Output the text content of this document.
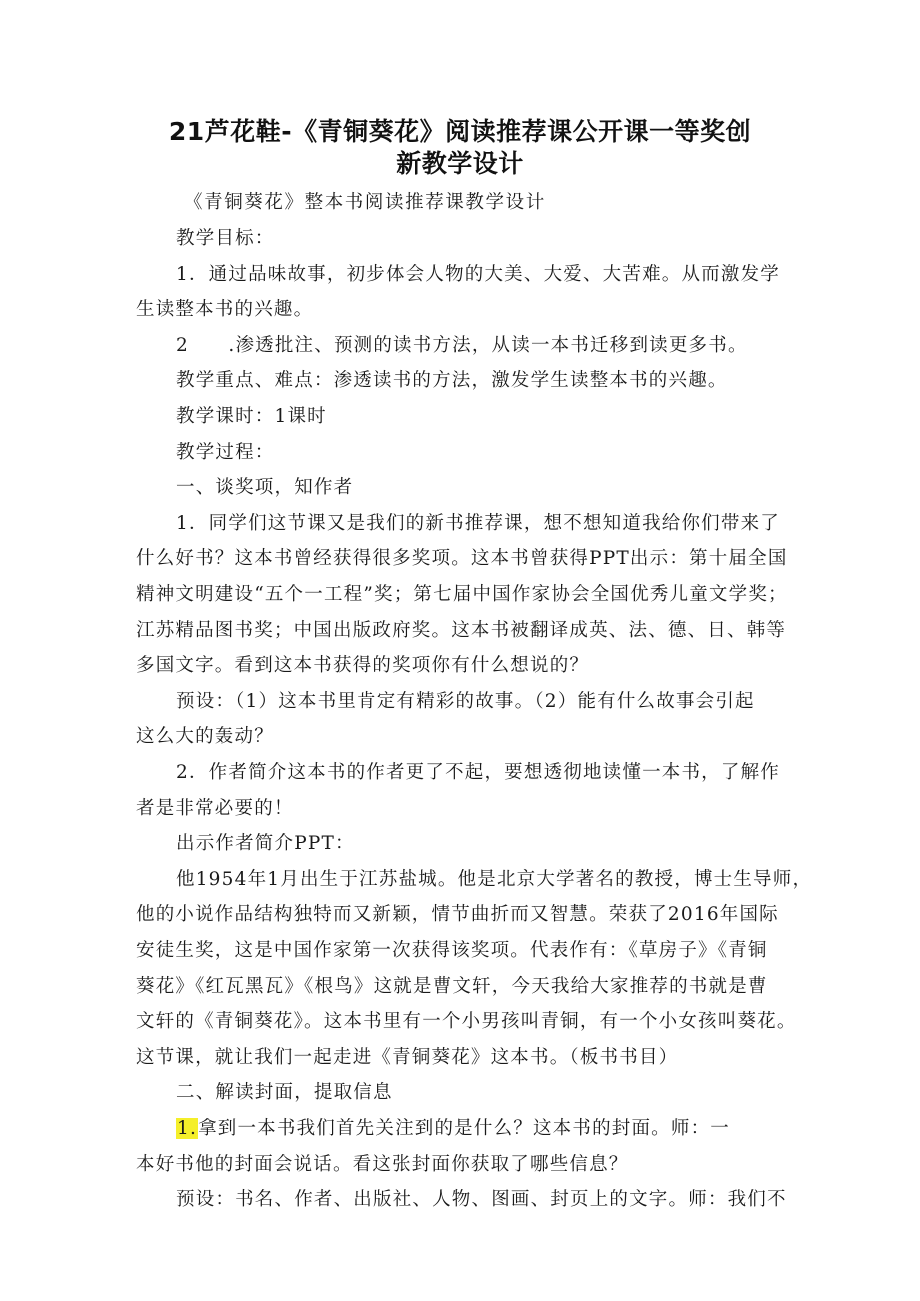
21芦花鞋-《青铜葵花》阅读推荐课公开课一等奖创
新教学设计
《青铜葵花》整本书阅读推荐课教学设计
教学目标：
1．通过品味故事，初步体会人物的大美、大爱、大苦难。从而激发学
生读整本书的兴趣。
2　　.渗透批注、预测的读书方法，从读一本书迁移到读更多书。
教学重点、难点：渗透读书的方法，激发学生读整本书的兴趣。
教学课时：1课时
教学过程：
一、谈奖项，知作者
1．同学们这节课又是我们的新书推荐课，想不想知道我给你们带来了
什么好书？这本书曾经获得很多奖项。这本书曾获得PPT出示：第十届全国
精神文明建设“五个一工程”奖；第七届中国作家协会全国优秀儿童文学奖；
江苏精品图书奖；中国出版政府奖。这本书被翻译成英、法、德、日、韩等
多国文字。看到这本书获得的奖项你有什么想说的？
预设：（1）这本书里肯定有精彩的故事。（2）能有什么故事会引起
这么大的轰动？
2．作者简介这本书的作者更了不起，要想透彻地读懂一本书，了解作
者是非常必要的！
出示作者简介PPT：
他1954年1月出生于江苏盐城。他是北京大学著名的教授，博士生导师，
他的小说作品结构独特而又新颖，情节曲折而又智慧。荣获了2016年国际
安徒生奖，这是中国作家第一次获得该奖项。代表作有：《草房子》《青铜
葵花》《红瓦黑瓦》《根鸟》这就是曹文轩，今天我给大家推荐的书就是曹
文轩的《青铜葵花》。这本书里有一个小男孩叫青铜，有一个小女孩叫葵花。
这节课，就让我们一起走进《青铜葵花》这本书。（板书书目）
二、解读封面，提取信息
1.拿到一本书我们首先关注到的是什么？这本书的封面。师：一
本好书他的封面会说话。看这张封面你获取了哪些信息？
预设：书名、作者、出版社、人物、图画、封页上的文字。师：我们不
